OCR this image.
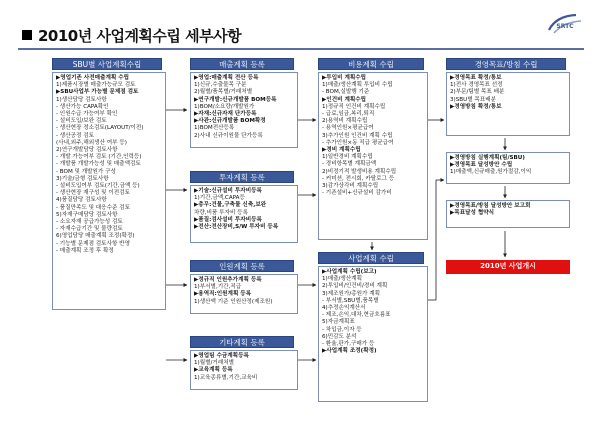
2010년 사업계획수립 세부사항
SRTC
SBU별 사업계획수립
▶영업기존 사전매출계획 수립
1)제품시장별 매출가능규모 검토
▶SBU사업부 가능별 문제점 검토
1)생산담당 검토사항
- 생산가능 CAPA확인
- 인원수급 가능여부 확인
- 설비도입/보완 검토
- 생산현장 정소검토(LAYOUT/이전)
- 생산공정 검토
(사내,외주,해외생산 여부 등)
2)연구개발담당 검토사항
- 개발 가능여부 검토 (기간,인력등)
- 개발품 개발가능성 및 매출액검토
- BOM 및 개발원가 구성
3)기술/금형 검토사항
- 설비도입여부 검토(기간,금액 등)
- 생산현장 재구성 및 이전검토
4)품질담당 검토사항
- 품질만족도 및 대응수준 검토
5)자재구매담당 검토사항
- 소요자재 공급가능성 검토
- 자재수급기간 및 물량검토
6)영업담당 매출계획 조정(확정)
- 기능별 문제점 검토사항 반영
- 매출계획 조정 후 확정
매출계획 등록
▶영업:매출계획 전산 등록
1)신규,수출물목 구분
2)월별/품목별/거래처별
▶연구개발:신규개발품 BOM등록
1)BOM/소요량/개발원가
▶자재:신규자재 단가등록
▶사관:신규개발품 BOM확정
1)BOM전산등록
2)사내 신규이원물 단가등록
투자계획 등록
▶기술:신규설비 투자비등록
1)기간,금액,CAPA등
▶총무:건물,구축물 신축,보완
차량,비품 투자비 등록
▶품질:검사설비 투자비등록
▶전산:전산장비,S/W 투자비 등록
인원계획 등록
▶정규직 인원추가계획 등록
1)부서별,기간,직급
▶용역직:인원계획 등록
1)생산액 기준 인원산정(제조원)
기타계획 등록
▶영업팀 수금계획등록
1)월별/거래처별
▶교육계획 등록
1)교육종류별,기간,교육비
비용계획 수립
▶투입비 계획수립
1)매출/생산계획 투입비 수립
- BOM,실발행 기준
▶인건비 계획수립
1)정규직 인건비 계획수립
- 급료,임금,복리,퇴직
2)용역비 계획수립
- 용역인원×평균급여
3)추가인원 인건비 계획 수립
- 추가인원×동 직급 평균급여
▶경비 계획수립
1)일반경비 계획수립
- 경비항목별 계획금액
2)비정기적 발생비용 계획수립
- 커미션, 전시회, 카탈로그 등
3)감가상각비 계획수립
- 기존설비+신규설비 감가비
사업계획 수립
▶사업계획 수립(보고)
1)매출/생산계획
2)투입비/인건비/경비 계획
3)제조원가/총원가 계획
- 부서별,SBU별,품목별
4)추정손익계산서
- 제조,손익,대차,현금흐름표
5)자금계획표
- 차입금,이자 등
6)민감도 분석
- 환율,판가,구매가 등
▶사업계획 조정(확정)
경영목표/방침 수립
▶경영목표 확정/통보
1)전사 경영목표 선정
2)부문/팀별 목표 배분
3)SBU별 목표배분
▶경영방침 확정/통보
▶경영방침 실행계획(팀/SBU)
▶경영목표 달성방안 수립
1)매출액,신규매출,원가절감,이익
▶경영목표/방침 달성방안 보고회
▶목표달성 협약식
2010년 사업개시
